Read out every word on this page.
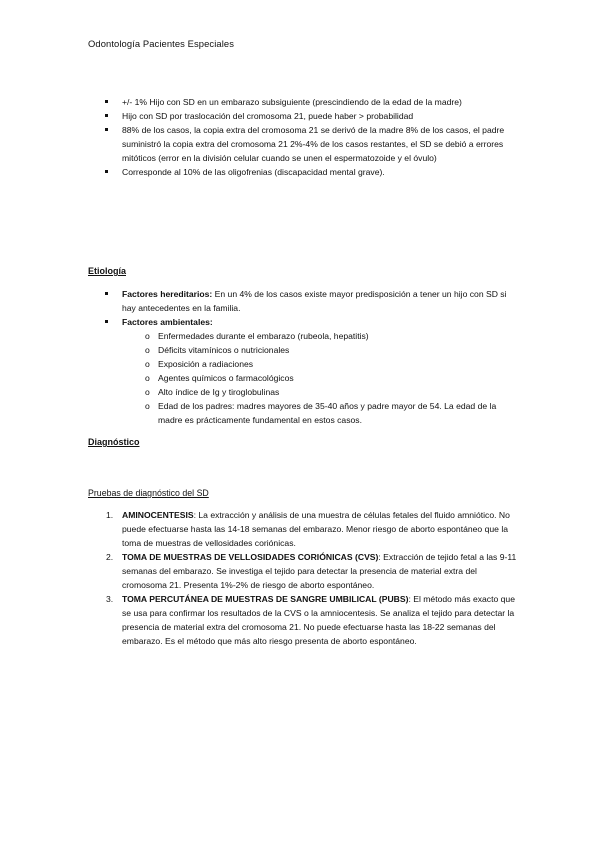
Odontología Pacientes Especiales
+/- 1% Hijo con SD en un embarazo subsiguiente (prescindiendo de la edad de la madre)
Hijo con SD por traslocación del cromosoma 21, puede haber > probabilidad
88% de los casos, la copia extra del cromosoma 21 se derivó de la madre 8% de los casos, el padre suministró la copia extra del cromosoma 21 2%-4% de los casos restantes, el SD se debió a errores mitóticos (error en la división celular cuando se unen el espermatozoide y el óvulo)
Corresponde al 10% de las oligofrenias (discapacidad mental grave).
Etiología
Factores hereditarios: En un 4% de los casos existe mayor predisposición a tener un hijo con SD si hay antecedentes en la familia.
Factores ambientales:
o Enfermedades durante el embarazo (rubeola, hepatitis)
o Déficits vitamínicos o nutricionales
o Exposición a radiaciones
o Agentes químicos o farmacológicos
o Alto índice de Ig y tiroglobulinas
o Edad de los padres: madres mayores de 35-40 años y padre mayor de 54. La edad de la madre es prácticamente fundamental en estos casos.
Diagnóstico
Pruebas de diagnóstico del SD
1. AMINOCENTESIS: La extracción y análisis de una muestra de células fetales del fluido amniótico. No puede efectuarse hasta las 14-18 semanas del embarazo. Menor riesgo de aborto espontáneo que la toma de muestras de vellosidades coriónicas.
2. TOMA DE MUESTRAS DE VELLOSIDADES CORIÓNICAS (CVS): Extracción de tejido fetal a las 9-11 semanas del embarazo. Se investiga el tejido para detectar la presencia de material extra del cromosoma 21. Presenta 1%-2% de riesgo de aborto espontáneo.
3. TOMA PERCUTÁNEA DE MUESTRAS DE SANGRE UMBILICAL (PUBS): El método más exacto que se usa para confirmar los resultados de la CVS o la amniocentesis. Se analiza el tejido para detectar la presencia de material extra del cromosoma 21. No puede efectuarse hasta las 18-22 semanas del embarazo. Es el método que más alto riesgo presenta de aborto espontáneo.
